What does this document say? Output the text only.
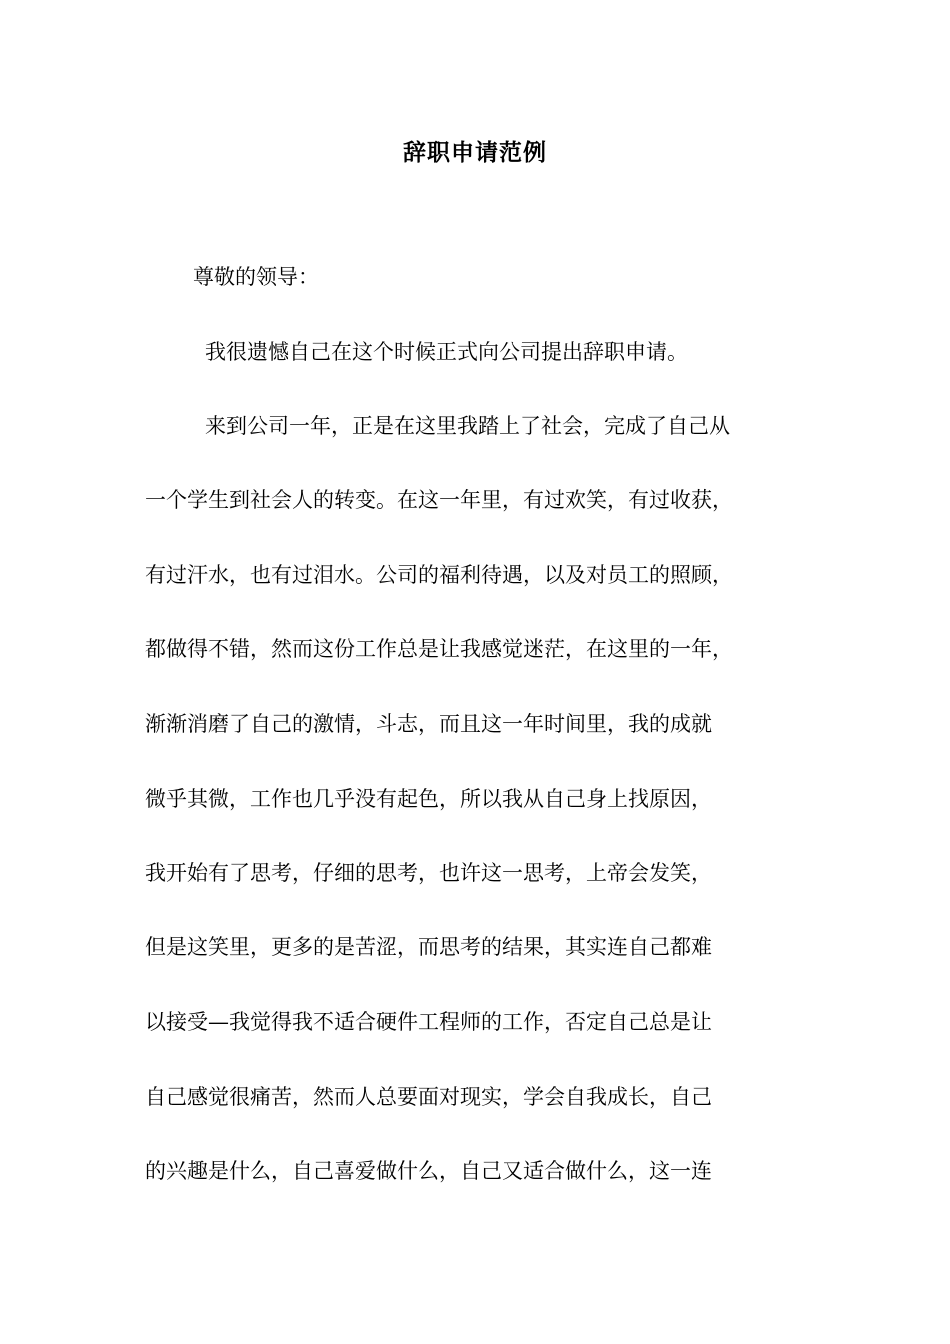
辞职申请范例
尊敬的领导：
我很遗憾自己在这个时候正式向公司提出辞职申请。
来到公司一年，正是在这里我踏上了社会，完成了自己从
一个学生到社会人的转变。在这一年里，有过欢笑，有过收获，
有过汗水，也有过泪水。公司的福利待遇，以及对员工的照顾，
都做得不错，然而这份工作总是让我感觉迷茫，在这里的一年，
渐渐消磨了自己的激情，斗志，而且这一年时间里，我的成就
微乎其微，工作也几乎没有起色，所以我从自己身上找原因，
我开始有了思考，仔细的思考，也许这一思考，上帝会发笑，
但是这笑里，更多的是苦涩，而思考的结果，其实连自己都难
以接受—我觉得我不适合硬件工程师的工作，否定自己总是让
自己感觉很痛苦，然而人总要面对现实，学会自我成长，自己
的兴趣是什么，自己喜爱做什么，自己又适合做什么，这一连
